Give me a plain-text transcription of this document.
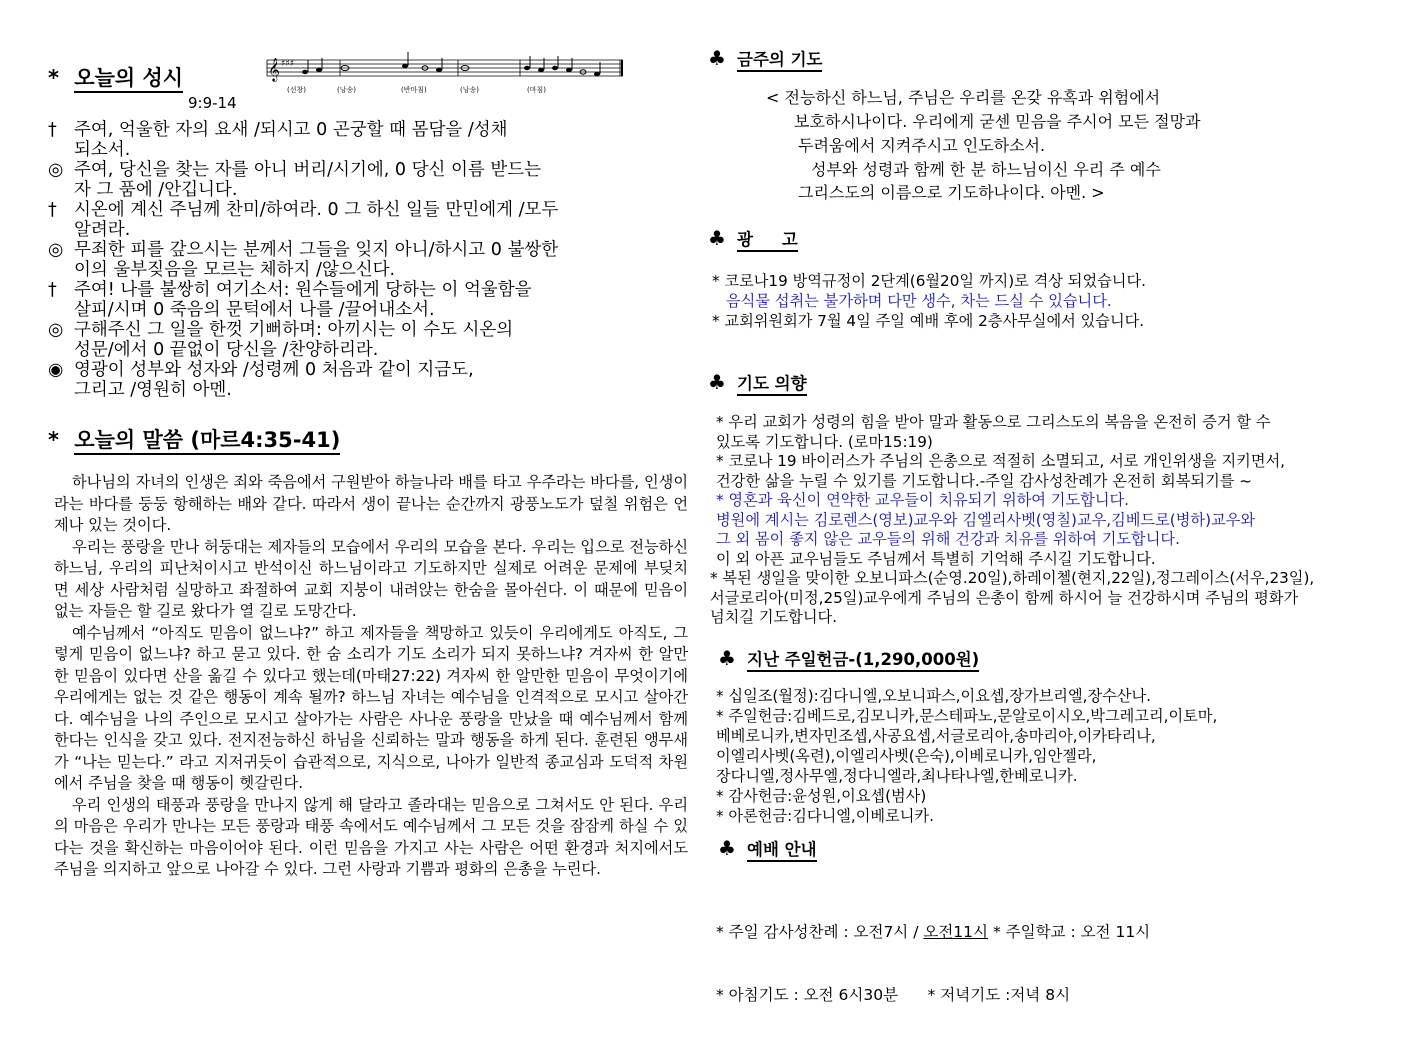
* 오늘의 성시
9:9-14
† 주여, 억울한 자의 요새 /되시고 0 곤궁할 때 몸담을 /성채
되소서.
◎ 주여, 당신을 찾는 자를 아니 버리/시기에, 0 당신 이름 받드는
자 그 품에 /안깁니다.
† 시온에 계신 주님께 찬미/하여라. 0 그 하신 일들 만민에게 /모두
알려라.
◎ 무죄한 피를 갚으시는 분께서 그들을 잊지 아니/하시고 0 불쌍한
이의 울부짖음을 모르는 체하지 /않으신다.
† 주여! 나를 불쌍히 여기소서: 원수들에게 당하는 이 억울함을
살피/시며 0 죽음의 문턱에서 나를 /끌어내소서.
◎ 구해주신 그 일을 한껏 기뻐하며: 아끼시는 이 수도 시온의
성문/에서 0 끝없이 당신을 /찬양하리라.
◉ 영광이 성부와 성자와 /성령께 0 처음과 같이 지금도,
그리고 /영원히 아멘.
* 오늘의 말씀 (마르4:35-41)

하나님의 자녀의 인생은 죄와 죽음에서 구원받아 하늘나라 배를 타고 우주라는 바다를, 인생이라는 바다를 둥둥 항해하는 배와 같다. 따라서 생이 끝나는 순간까지 광풍노도가 덮칠 위험은 언제나 있는 것이다.

우리는 풍랑을 만나 허둥대는 제자들의 모습에서 우리의 모습을 본다. 우리는 입으로 전능하신 하느님, 우리의 피난처이시고 반석이신 하느님이라고 기도하지만 실제로 어려운 문제에 부딪치면 세상 사람처럼 실망하고 좌절하여 교회 지붕이 내려앉는 한숨을 몰아쉰다. 이 때문에 믿음이 없는 자들은 할 길로 왔다가 열 길로 도망간다.

예수님께서 “아직도 믿음이 없느냐?” 하고 제자들을 책망하고 있듯이 우리에게도 아직도, 그렇게 믿음이 없느냐? 하고 묻고 있다. 한 숨 소리가 기도 소리가 되지 못하느냐? 겨자씨 한 알만한 믿음이 있다면 산을 옮길 수 있다고 했는데(마태27:22) 겨자씨 한 알만한 믿음이 무엇이기에 우리에게는 없는 것 같은 행동이 계속 될까? 하느님 자녀는 예수님을 인격적으로 모시고 살아간다. 예수님을 나의 주인으로 모시고 살아가는 사람은 사나운 풍랑을 만났을 때 예수님께서 함께 한다는 인식을 갖고 있다. 전지전능하신 하님을 신뢰하는 말과 행동을 하게 된다. 훈련된 앵무새가 “나는 믿는다.” 라고 지저귀듯이 습관적으로, 지식으로, 나아가 일반적 종교심과 도덕적 차원에서 주님을 찾을 때 행동이 헷갈린다.

우리 인생의 태풍과 풍랑을 만나지 않게 해 달라고 졸라대는 믿음으로 그쳐서도 안 된다. 우리의 마음은 우리가 만나는 모든 풍랑과 태풍 속에서도 예수님께서 그 모든 것을 잠잠케 하실 수 있다는 것을 확신하는 마음이어야 된다. 이런 믿음을 가지고 사는 사람은 어떤 환경과 처지에서도 주님을 의지하고 앞으로 나아갈 수 있다. 그런 사랑과 기쁨과 평화의 은총을 누린다.

𝄞 ♯♯♯
(선창)	(낭송)	(반마침)	(낭송)	(마침)
♣ 금주의 기도
< 전능하신 하느님, 주님은 우리를 온갖 유혹과 위험에서
보호하시나이다. 우리에게 굳센 믿음을 주시어 모든 절망과
두려움에서 지켜주시고 인도하소서.
성부와 성령과 함께 한 분 하느님이신 우리 주 예수
그리스도의 이름으로 기도하나이다. 아멘. >
♣ 광     고
* 코로나19 방역규정이 2단계(6월20일 까지)로 격상 되었습니다.
음식물 섭취는 불가하며 다만 생수, 차는 드실 수 있습니다.
* 교회위원회가 7월 4일 주일 예배 후에 2층사무실에서 있습니다.
♣ 기도 의향

* 우리 교회가 성령의 힘을 받아 말과 활동으로 그리스도의 복음을 온전히 증거 할 수

있도록 기도합니다. (로마15:19)

* 코로나 19 바이러스가 주님의 은총으로 적절히 소멸되고, 서로 개인위생을 지키면서,

건강한 삶을 누릴 수 있기를 기도합니다.-주일 감사성찬례가 온전히 회복되기를 ~

* 영혼과 육신이 연약한 교우들이 치유되기 위하여 기도합니다.

병원에 계시는 김로렌스(영보)교우와 김엘리사벳(영칠)교우,김베드로(병하)교우와

그 외 몸이 좋지 않은 교우들의 위해 건강과 치유를 위하여 기도합니다.

이 외 아픈 교우님들도 주님께서 특별히 기억해 주시길 기도합니다.

* 복된 생일을 맞이한 오보니파스(순영.20일),하레이첼(현지,22일),정그레이스(서우,23일),

서글로리아(미정,25일)교우에게 주님의 은총이 함께 하시어 늘 건강하시며 주님의 평화가

넘치길 기도합니다.

♣ 지난 주일헌금-(1,290,000원)

* 십일조(월정):김다니엘,오보니파스,이요셉,장가브리엘,장수산나.

* 주일헌금:김베드로,김모니카,문스테파노,문알로이시오,박그레고리,이토마,

베베로니카,변자민조셉,사공요셉,서글로리아,송마리아,이카타리나,

이엘리사벳(옥련),이엘리사벳(은숙),이베로니카,임안젤라,

장다니엘,정사무엘,정다니엘라,최나타나엘,한베로니카.

* 감사헌금:윤성원,이요셉(범사)

* 아론헌금:김다니엘,이베로니카.

♣ 예배 안내

* 주일 감사성찬례 : 오전7시 / 오전11시 * 주일학교 : 오전 11시

* 아침기도 : 오전 6시30분      * 저녁기도 :저녁 8시
